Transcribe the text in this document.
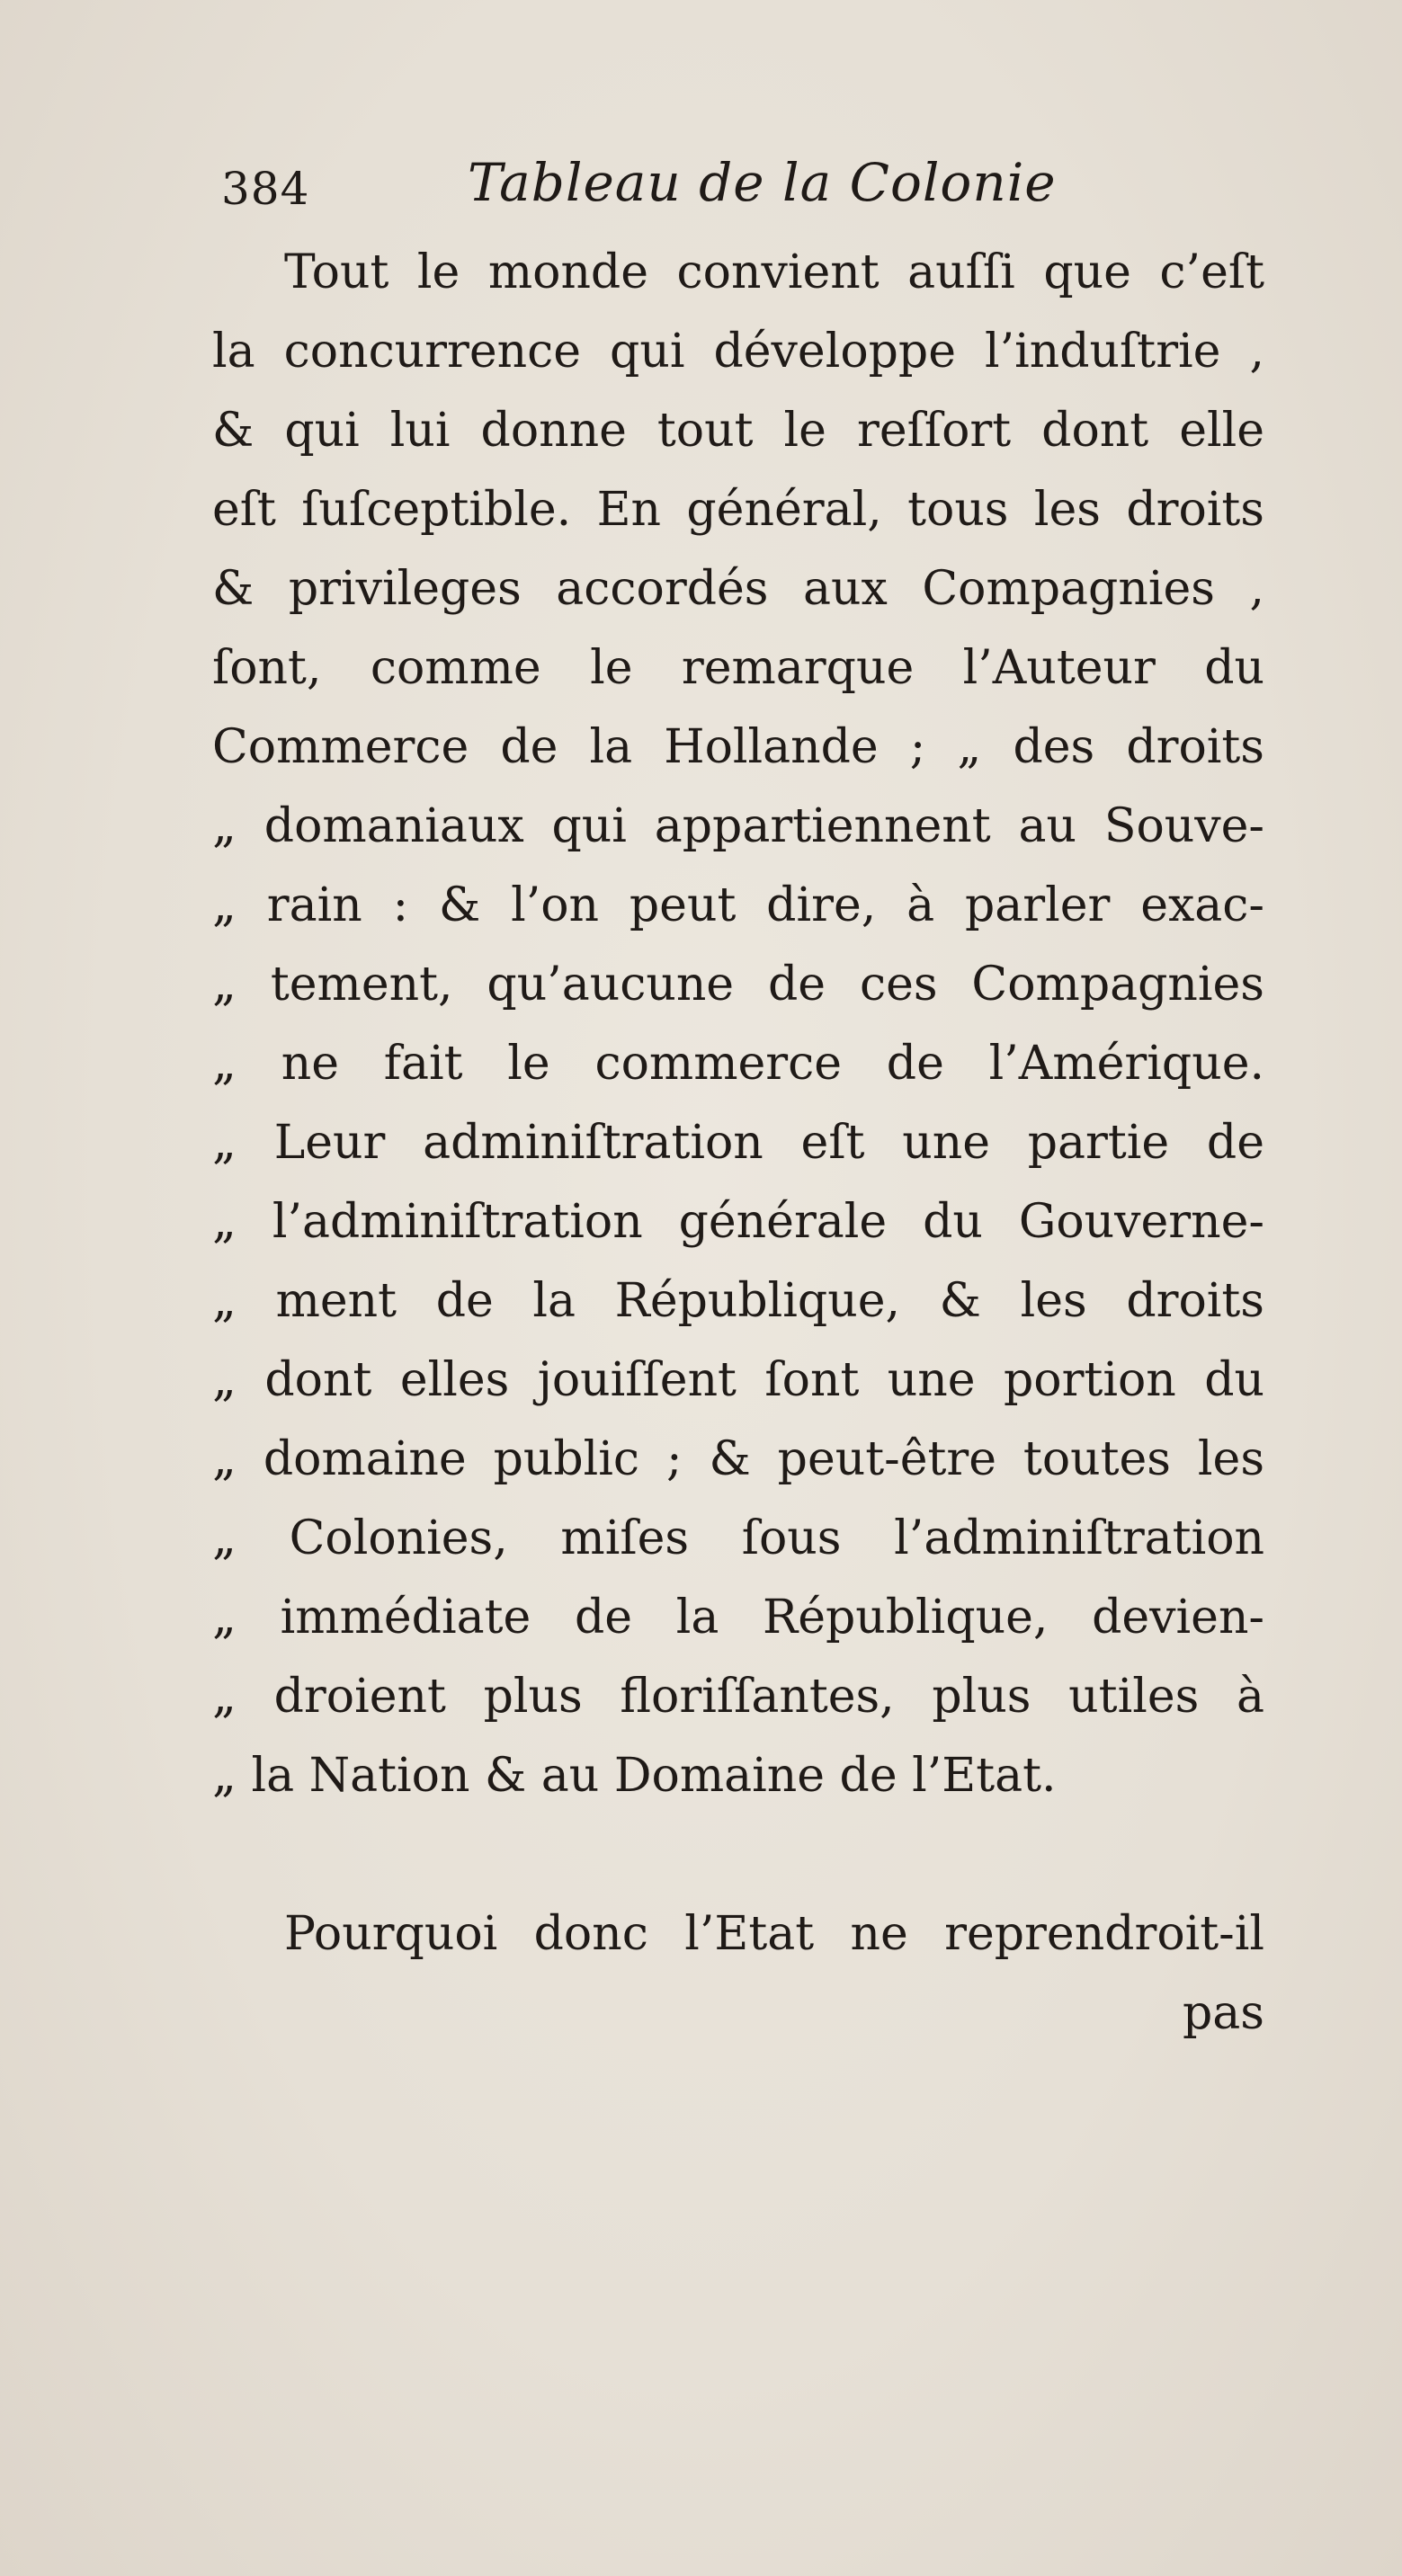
384	Tableau de la Colonie
Tout le monde convient auſſi que c’eſt
la concurrence qui développe l’induſtrie ,
& qui lui donne tout le reſſort dont elle
eſt ſuſceptible. En général, tous les droits
& privileges accordés aux Compagnies ,
ſont, comme le remarque l’Auteur du
Commerce de la Hollande ; „ des droits
„ domaniaux qui appartiennent au Souve-
„ rain : & l’on peut dire, à parler exac-
„ tement, qu’aucune de ces Compagnies
„ ne fait le commerce de l’Amérique.
„ Leur adminiſtration eſt une partie de
„ l’adminiſtration générale du Gouverne-
„ ment de la République, & les droits
„ dont elles jouiſſent ſont une portion du
„ domaine public ; & peut-être toutes les
„ Colonies, miſes ſous l’adminiſtration
„ immédiate de la République, devien-
„ droient plus floriſſantes, plus utiles à
„ la Nation & au Domaine de l’Etat.
Pourquoi donc l’Etat ne reprendroit-il
pas
